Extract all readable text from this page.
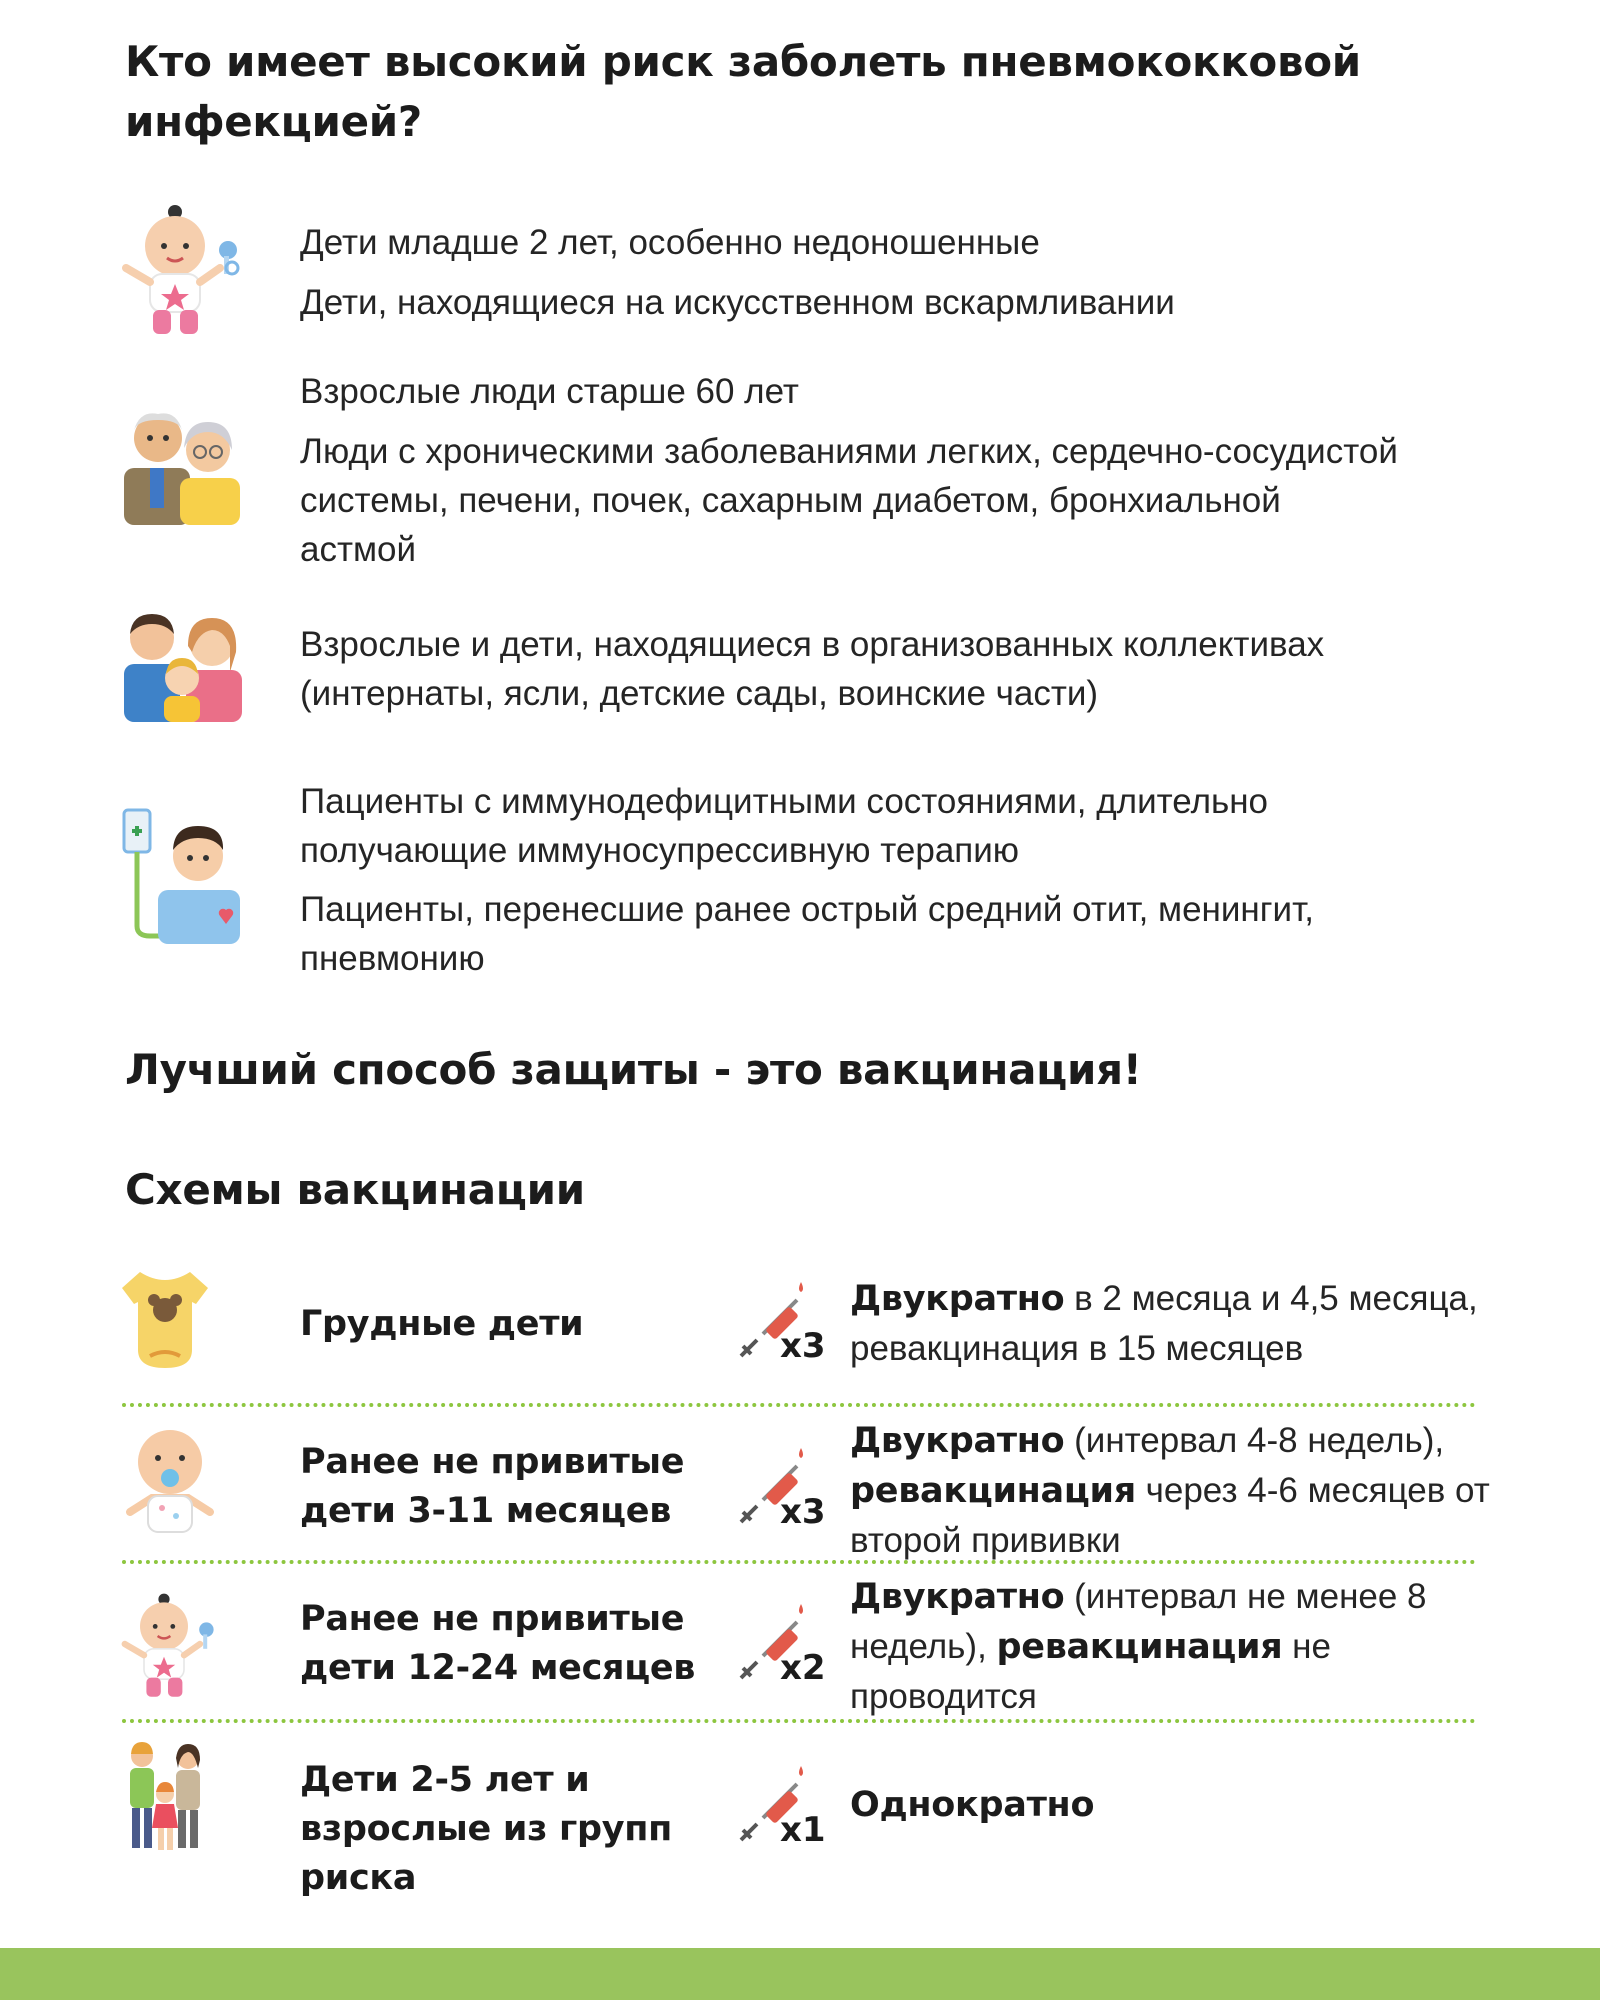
Кто имеет высокий риск заболеть пневмококковой инфекцией?
Дети младше 2 лет, особенно недоношенные
Дети, находящиеся на искусственном вскармливании
Взрослые люди старше 60 лет
Люди с хроническими заболеваниями легких, сердечно-сосудистой системы, печени, почек, сахарным диабетом, бронхиальной астмой
Взрослые и дети, находящиеся в организованных коллективах (интернаты, ясли, детские сады, воинские части)
Пациенты с иммунодефицитными состояниями, длительно получающие иммуносупрессивную терапию
Пациенты, перенесшие ранее острый средний отит, менингит, пневмонию
Лучший способ защиты - это вакцинация!
Схемы вакцинации
Грудные дети
x3
Двукратно в 2 месяца и 4,5 месяца, ревакцинация в 15 месяцев
Ранее не привитые дети 3-11 месяцев	x3
Двукратно (интервал 4-8 недель), ревакцинация через 4-6 месяцев от второй прививки
Ранее не привитые дети 12-24 месяцев	x2
Двукратно (интервал не менее 8 недель), ревакцинация не проводится
Дети 2-5 лет и взрослые из групп риска
x1
Однократно
